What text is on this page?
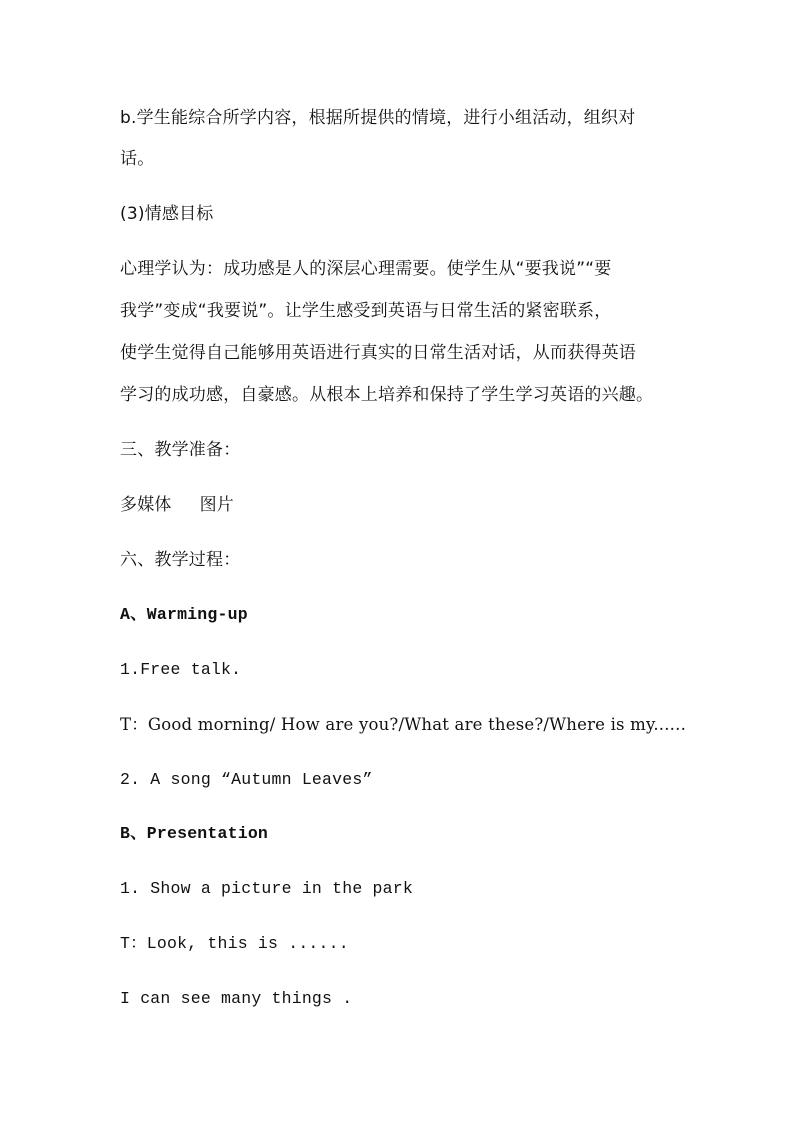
b.学生能综合所学内容，根据所提供的情境，进行小组活动，组织对
话。
(3)情感目标
心理学认为：成功感是人的深层心理需要。使学生从“要我说”“要
我学”变成“我要说”。让学生感受到英语与日常生活的紧密联系，
使学生觉得自己能够用英语进行真实的日常生活对话，从而获得英语
学习的成功感，自豪感。从根本上培养和保持了学生学习英语的兴趣。
三、教学准备：
多媒体 图片
六、教学过程：
A、Warming-up
1.Free talk.
T：Good morning/ How are you?/What are these?/Where is my......
2. A song “Autumn Leaves”
B、Presentation
1. Show a picture in the park
T：Look, this is ......
I can see many things .
